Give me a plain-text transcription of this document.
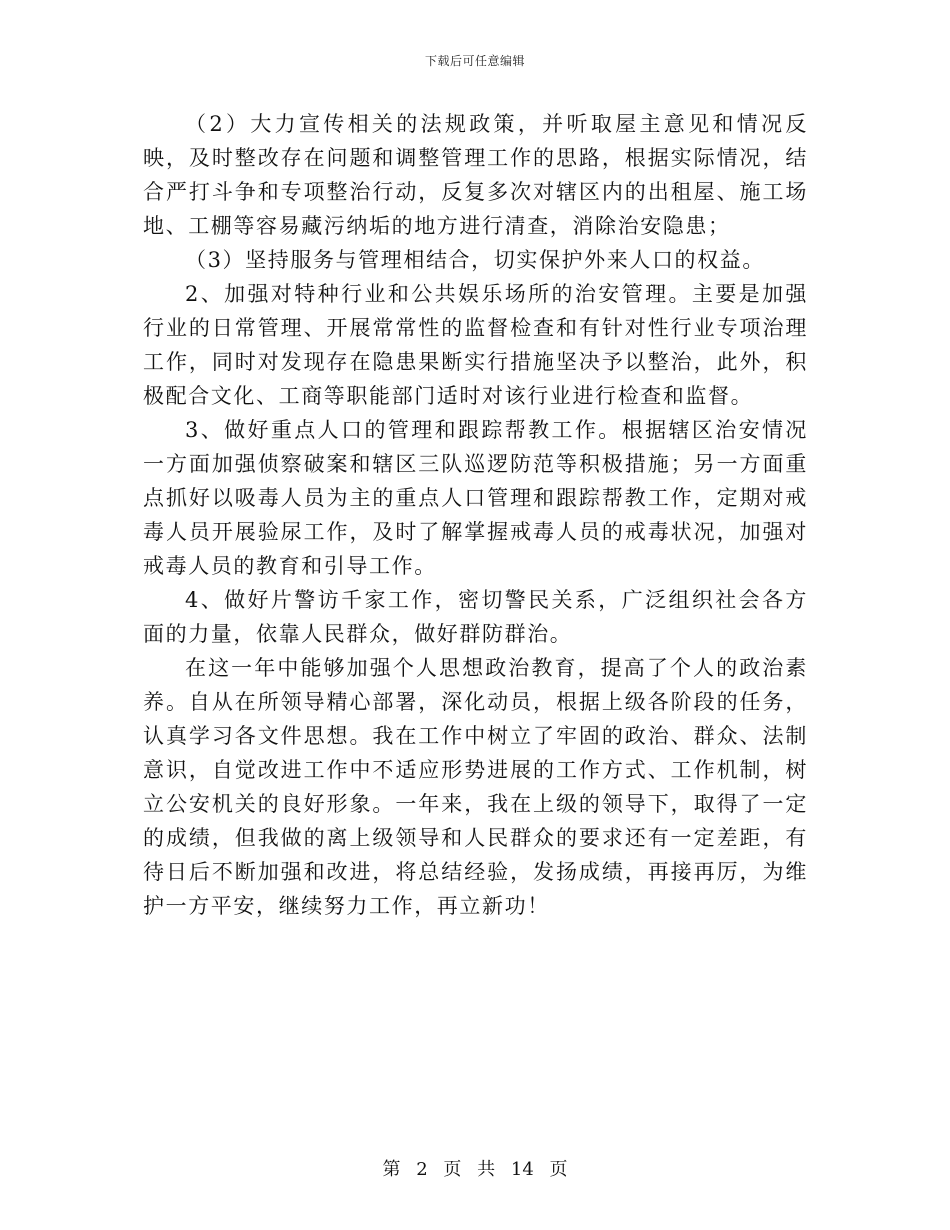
下载后可任意编辑

（2）大力宣传相关的法规政策，并听取屋主意见和情况反映，及时整改存在问题和调整管理工作的思路，根据实际情况，结合严打斗争和专项整治行动，反复多次对辖区内的出租屋、施工场地、工棚等容易藏污纳垢的地方进行清查，消除治安隐患；

（3）坚持服务与管理相结合，切实保护外来人口的权益。

2、加强对特种行业和公共娱乐场所的治安管理。主要是加强行业的日常管理、开展常常性的监督检查和有针对性行业专项治理工作，同时对发现存在隐患果断实行措施坚决予以整治，此外，积极配合文化、工商等职能部门适时对该行业进行检查和监督。

3、做好重点人口的管理和跟踪帮教工作。根据辖区治安情况一方面加强侦察破案和辖区三队巡逻防范等积极措施；另一方面重点抓好以吸毒人员为主的重点人口管理和跟踪帮教工作，定期对戒毒人员开展验尿工作，及时了解掌握戒毒人员的戒毒状况，加强对戒毒人员的教育和引导工作。

4、做好片警访千家工作，密切警民关系，广泛组织社会各方面的力量，依靠人民群众，做好群防群治。

在这一年中能够加强个人思想政治教育，提高了个人的政治素养。自从在所领导精心部署，深化动员，根据上级各阶段的任务，认真学习各文件思想。我在工作中树立了牢固的政治、群众、法制意识，自觉改进工作中不适应形势进展的工作方式、工作机制，树立公安机关的良好形象。一年来，我在上级的领导下，取得了一定的成绩，但我做的离上级领导和人民群众的要求还有一定差距，有待日后不断加强和改进，将总结经验，发扬成绩，再接再厉，为维护一方平安，继续努力工作，再立新功！

第 2 页 共 14 页
